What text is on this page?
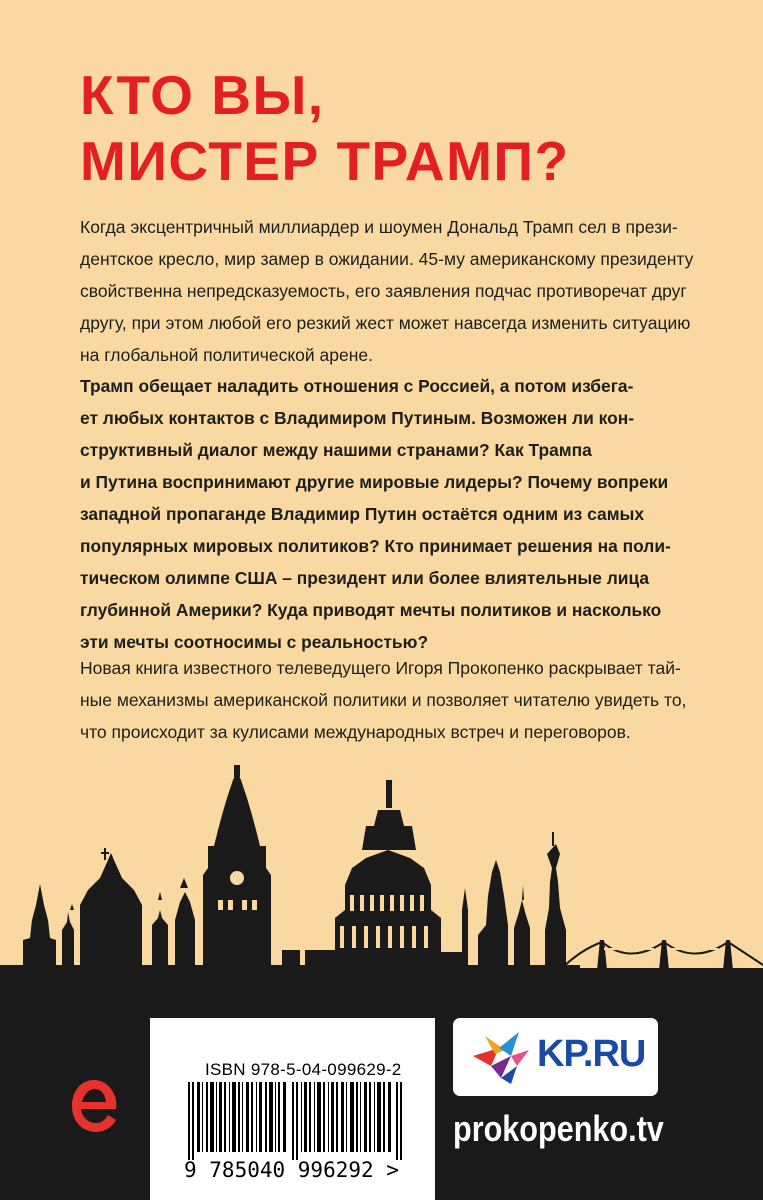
КТО ВЫ,
МИСТЕР ТРАМП?

Когда эксцентричный миллиардер и шоумен Дональд Трамп сел в прези-
дентское кресло, мир замер в ожидании. 45-му американскому президенту
свойственна непредсказуемость, его заявления подчас противоречат друг
другу, при этом любой его резкий жест может навсегда изменить ситуацию
на глобальной политической арене.

Трамп обещает наладить отношения с Россией, а потом избега-
ет любых контактов с Владимиром Путиным. Возможен ли кон-
структивный диалог между нашими странами? Как Трампа
и Путина воспринимают другие мировые лидеры? Почему вопреки
западной пропаганде Владимир Путин остаётся одним из самых
популярных мировых политиков? Кто принимает решения на поли-
тическом олимпе США – президент или более влиятельные лица
глубинной Америки? Куда приводят мечты политиков и насколько
эти мечты соотносимы с реальностью?

Новая книга известного телеведущего Игоря Прокопенко раскрывает тай-
ные механизмы американской политики и позволяет читателю увидеть то,
что происходит за кулисами международных встреч и переговоров.

ISBN 978-5-04-099629-2

9 785040 996292 >

KP.RU

prokopenko.tv
